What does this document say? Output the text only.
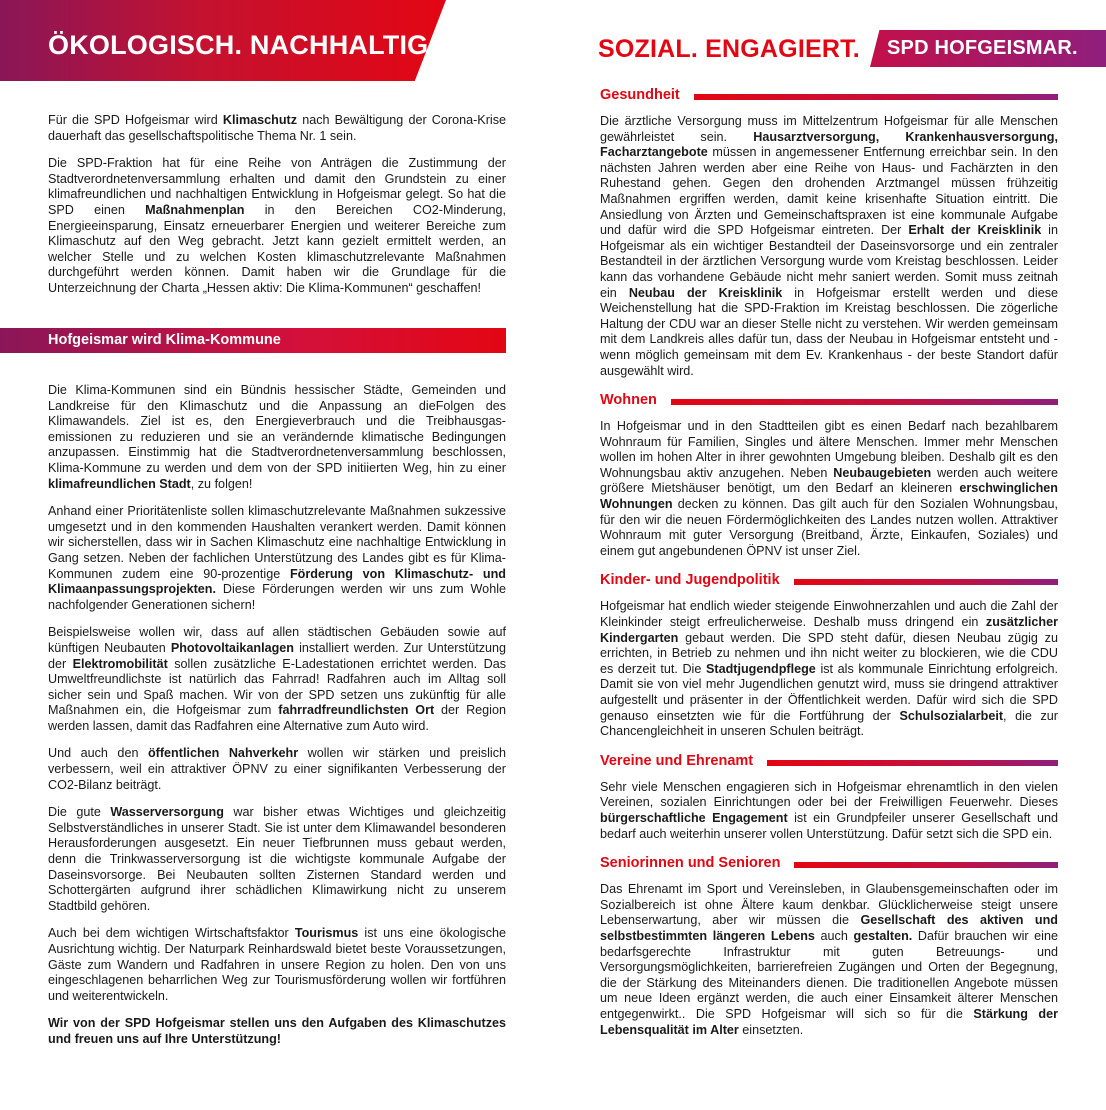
ÖKOLOGISCH. NACHHALTIG.	SOZIAL. ENGAGIERT. SPD HOFGEISMAR.

Für die SPD Hofgeismar wird Klimaschutz nach Bewältigung der Corona-Krise dauerhaft das gesellschaftspolitische Thema Nr. 1 sein.

Die SPD-Fraktion hat für eine Reihe von Anträgen die Zustimmung der Stadtverordnetenversammlung erhalten und damit den Grundstein zu einer klimafreundlichen und nachhaltigen Entwicklung in Hofgeismar gelegt. So hat die SPD einen Maßnahmenplan in den Bereichen CO2-Minderung, Energieeinsparung, Einsatz erneuerbarer Energien und weiterer Bereiche zum Klimaschutz auf den Weg gebracht. Jetzt kann gezielt ermittelt werden, an welcher Stelle und zu welchen Kosten klimaschutzrelevante Maßnahmen durchgeführt werden können. Damit haben wir die Grundlage für die Unterzeichnung der Charta „Hessen aktiv: Die Klima-Kommunen“ geschaffen!

Hofgeismar wird Klima-Kommune

Die Klima-Kommunen sind ein Bündnis hessischer Städte, Gemeinden und Landkreise für den Klimaschutz und die Anpassung an dieFolgen des Klimawandels. Ziel ist es, den Energieverbrauch und die Treibhausgas-emissionen zu reduzieren und sie an verändernde klimatische Bedingungen anzupassen. Einstimmig hat die Stadtverordnetenversammlung beschlossen, Klima-Kommune zu werden und dem von der SPD initiierten Weg, hin zu einer klimafreundlichen Stadt, zu folgen!

Anhand einer Prioritätenliste sollen klimaschutzrelevante Maßnahmen sukzessive umgesetzt und in den kommenden Haushalten verankert werden. Damit können wir sicherstellen, dass wir in Sachen Klimaschutz eine nachhaltige Entwicklung in Gang setzen. Neben der fachlichen Unterstützung des Landes gibt es für Klima-Kommunen zudem eine 90-prozentige Förderung von Klimaschutz- und Klimaanpassungsprojekten. Diese Förderungen werden wir uns zum Wohle nachfolgender Generationen sichern!

Beispielsweise wollen wir, dass auf allen städtischen Gebäuden sowie auf künftigen Neubauten Photovoltaikanlagen installiert werden. Zur Unterstützung der Elektromobilität sollen zusätzliche E-Ladestationen errichtet werden. Das Umweltfreundlichste ist natürlich das Fahrrad! Radfahren auch im Alltag soll sicher sein und Spaß machen. Wir von der SPD setzen uns zukünftig für alle Maßnahmen ein, die Hofgeismar zum fahrradfreundlichsten Ort der Region werden lassen, damit das Radfahren eine Alternative zum Auto wird.

Und auch den öffentlichen Nahverkehr wollen wir stärken und preislich verbessern, weil ein attraktiver ÖPNV zu einer signifikanten Verbesserung der CO2-Bilanz beiträgt.

Die gute Wasserversorgung war bisher etwas Wichtiges und gleichzeitig Selbstverständliches in unserer Stadt. Sie ist unter dem Klimawandel besonderen Herausforderungen ausgesetzt. Ein neuer Tiefbrunnen muss gebaut werden, denn die Trinkwasserversorgung ist die wichtigste kommunale Aufgabe der Daseinsvorsorge. Bei Neubauten sollten Zisternen Standard werden und Schottergärten aufgrund ihrer schädlichen Klimawirkung nicht zu unserem Stadtbild gehören.

Auch bei dem wichtigen Wirtschaftsfaktor Tourismus ist uns eine ökologische Ausrichtung wichtig. Der Naturpark Reinhardswald bietet beste Voraussetzungen, Gäste zum Wandern und Radfahren in unsere Region zu holen. Den von uns eingeschlagenen beharrlichen Weg zur Tourismusförderung wollen wir fortführen und weiterentwickeln.

Wir von der SPD Hofgeismar stellen uns den Aufgaben des Klimaschutzes und freuen uns auf Ihre Unterstützung!

Gesundheit

Die ärztliche Versorgung muss im Mittelzentrum Hofgeismar für alle Menschen gewährleistet sein. Hausarztversorgung, Krankenhausversorgung, Facharztangebote müssen in angemessener Entfernung erreichbar sein. In den nächsten Jahren werden aber eine Reihe von Haus- und Fachärzten in den Ruhestand gehen. Gegen den drohenden Arztmangel müssen frühzeitig Maßnahmen ergriffen werden, damit keine krisenhafte Situation eintritt. Die Ansiedlung von Ärzten und Gemeinschaftspraxen ist eine kommunale Aufgabe und dafür wird die SPD Hofgeismar eintreten. Der Erhalt der Kreisklinik in Hofgeismar als ein wichtiger Bestandteil der Daseinsvorsorge und ein zentraler Bestandteil in der ärztlichen Versorgung wurde vom Kreistag beschlossen. Leider kann das vorhandene Gebäude nicht mehr saniert werden. Somit muss zeitnah ein Neubau der Kreisklinik in Hofgeismar erstellt werden und diese Weichenstellung hat die SPD-Fraktion im Kreistag beschlossen. Die zögerliche Haltung der CDU war an dieser Stelle nicht zu verstehen. Wir werden gemeinsam mit dem Landkreis alles dafür tun, dass der Neubau in Hofgeismar entsteht und - wenn möglich gemeinsam mit dem Ev. Krankenhaus - der beste Standort dafür ausgewählt wird.

Wohnen

In Hofgeismar und in den Stadtteilen gibt es einen Bedarf nach bezahlbarem Wohnraum für Familien, Singles und ältere Menschen. Immer mehr Menschen wollen im hohen Alter in ihrer gewohnten Umgebung bleiben. Deshalb gilt es den Wohnungsbau aktiv anzugehen. Neben Neubaugebieten werden auch weitere größere Mietshäuser benötigt, um den Bedarf an kleineren erschwinglichen Wohnungen decken zu können. Das gilt auch für den Sozialen Wohnungsbau, für den wir die neuen Fördermöglichkeiten des Landes nutzen wollen. Attraktiver Wohnraum mit guter Versorgung (Breitband, Ärzte, Einkaufen, Soziales) und einem gut angebundenen ÖPNV ist unser Ziel.

Kinder- und Jugendpolitik

Hofgeismar hat endlich wieder steigende Einwohnerzahlen und auch die Zahl der Kleinkinder steigt erfreulicherweise. Deshalb muss dringend ein zusätzlicher Kindergarten gebaut werden. Die SPD steht dafür, diesen Neubau zügig zu errichten, in Betrieb zu nehmen und ihn nicht weiter zu blockieren, wie die CDU es derzeit tut. Die Stadtjugendpflege ist als kommunale Einrichtung erfolgreich. Damit sie von viel mehr Jugendlichen genutzt wird, muss sie dringend attraktiver aufgestellt und präsenter in der Öffentlichkeit werden. Dafür wird sich die SPD genauso einsetzten wie für die Fortführung der Schulsozialarbeit, die zur Chancengleichheit in unseren Schulen beiträgt.

Vereine und Ehrenamt

Sehr viele Menschen engagieren sich in Hofgeismar ehrenamtlich in den vielen Vereinen, sozialen Einrichtungen oder bei der Freiwilligen Feuerwehr. Dieses bürgerschaftliche Engagement ist ein Grundpfeiler unserer Gesellschaft und bedarf auch weiterhin unserer vollen Unterstützung. Dafür setzt sich die SPD ein.

Seniorinnen und Senioren

Das Ehrenamt im Sport und Vereinsleben, in Glaubensgemeinschaften oder im Sozialbereich ist ohne Ältere kaum denkbar. Glücklicherweise steigt unsere Lebenserwartung, aber wir müssen die Gesellschaft des aktiven und selbstbestimmten längeren Lebens auch gestalten. Dafür brauchen wir eine bedarfsgerechte Infrastruktur mit guten Betreuungs- und Versorgungsmöglichkeiten, barrierefreien Zugängen und Orten der Begegnung, die der Stärkung des Miteinanders dienen. Die traditionellen Angebote müssen um neue Ideen ergänzt werden, die auch einer Einsamkeit älterer Menschen entgegenwirkt.. Die SPD Hofgeismar will sich so für die Stärkung der Lebensqualität im Alter einsetzten.
